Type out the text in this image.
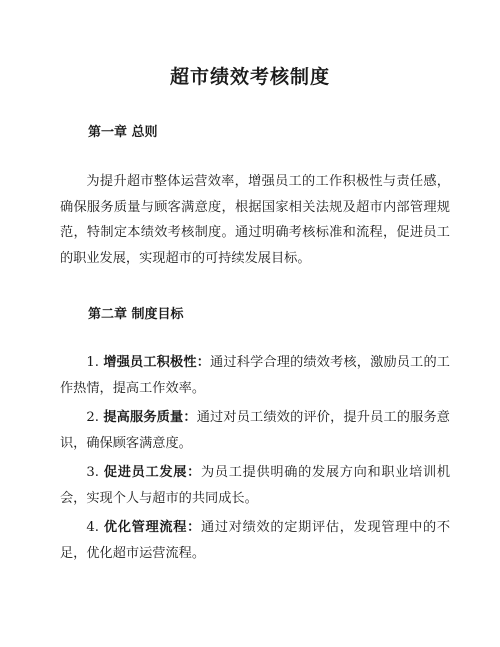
超市绩效考核制度
第一章 总则

为提升超市整体运营效率，增强员工的工作积极性与责任感，确保服务质量与顾客满意度，根据国家相关法规及超市内部管理规范，特制定本绩效考核制度。通过明确考核标准和流程，促进员工的职业发展，实现超市的可持续发展目标。

第二章 制度目标
1. 增强员工积极性：通过科学合理的绩效考核，激励员工的工作热情，提高工作效率。
2. 提高服务质量：通过对员工绩效的评价，提升员工的服务意识，确保顾客满意度。
3. 促进员工发展：为员工提供明确的发展方向和职业培训机会，实现个人与超市的共同成长。
4. 优化管理流程：通过对绩效的定期评估，发现管理中的不足，优化超市运营流程。
